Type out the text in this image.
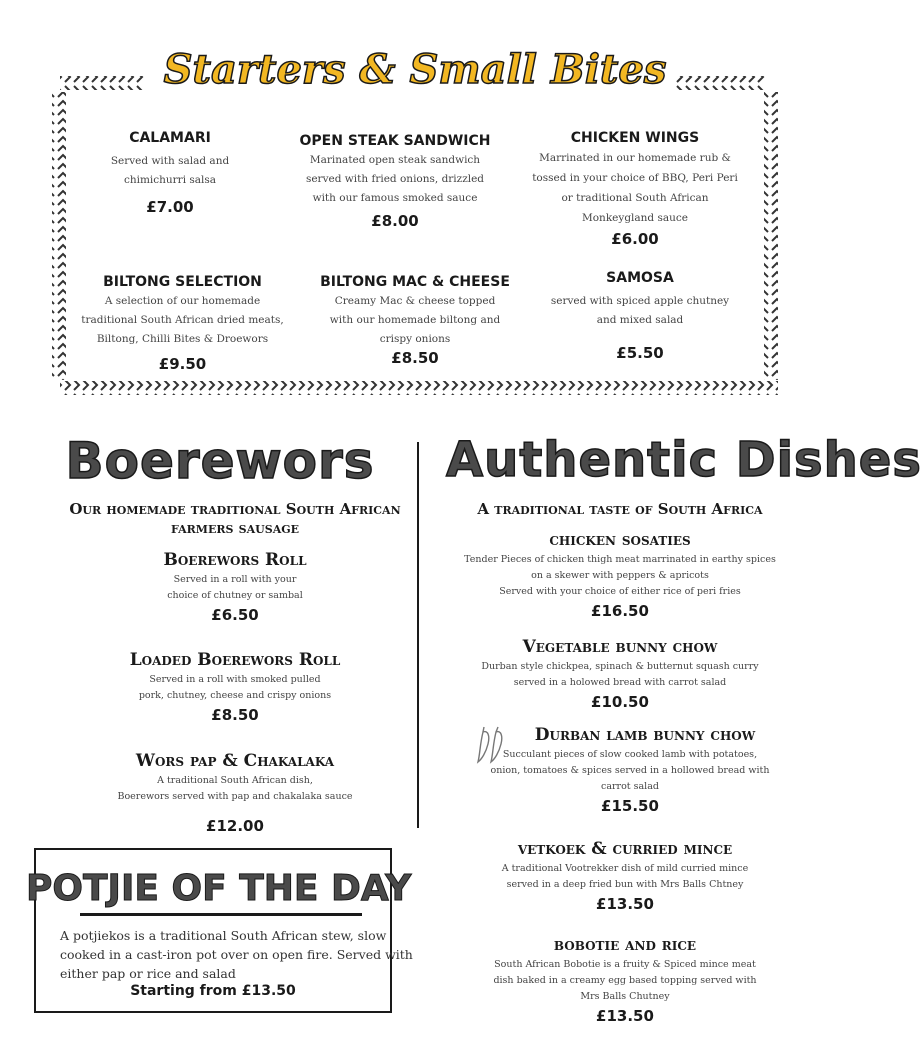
Starters & Small Bites
CALAMARI
Served with salad and
chimichurri salsa
£7.00
OPEN STEAK SANDWICH
Marinated open steak sandwich
served with fried onions, drizzled
with our famous smoked sauce
£8.00
CHICKEN WINGS
Marrinated in our homemade rub &
tossed in your choice of BBQ, Peri Peri
or traditional South African
Monkeygland sauce
£6.00
BILTONG SELECTION
A selection of our homemade
traditional South African dried meats,
Biltong, Chilli Bites & Droewors
£9.50
BILTONG MAC & CHEESE
Creamy Mac & cheese topped
with our homemade biltong and
crispy onions
£8.50
SAMOSA
served with spiced apple chutney
and mixed salad
£5.50
Boerewors
Our homemade traditional South African
farmers sausage
Boerewors Roll
Served in a roll with your
choice of chutney or sambal
£6.50
Loaded Boerewors Roll
Served in a roll with smoked pulled
pork, chutney, cheese and crispy onions
£8.50
Wors pap & Chakalaka
A traditional South African dish,
Boerewors served with pap and chakalaka sauce
£12.00
POTJIE OF THE DAY
A potjiekos is a traditional South African stew, slow
cooked in a cast-iron pot over on open fire. Served with
either pap or rice and salad
Starting from £13.50
Authentic Dishes
A traditional taste of South Africa
chicken sosaties
Tender Pieces of chicken thigh meat marrinated in earthy spices
on a skewer with peppers & apricots
Served with your choice of either rice of peri fries
£16.50
Vegetable bunny chow
Durban style chickpea, spinach & butternut squash curry
served in a holowed bread with carrot salad
£10.50
Durban lamb bunny chow
Succulant pieces of slow cooked lamb with potatoes,
onion, tomatoes & spices served in a hollowed bread with
carrot salad
£15.50
vetkoek & curried mince
A traditional Vootrekker dish of mild curried mince
served in a deep fried bun with Mrs Balls Chtney
£13.50
bobotie and rice
South African Bobotie is a fruity & Spiced mince meat
dish baked in a creamy egg based topping served with
Mrs Balls Chutney
£13.50
